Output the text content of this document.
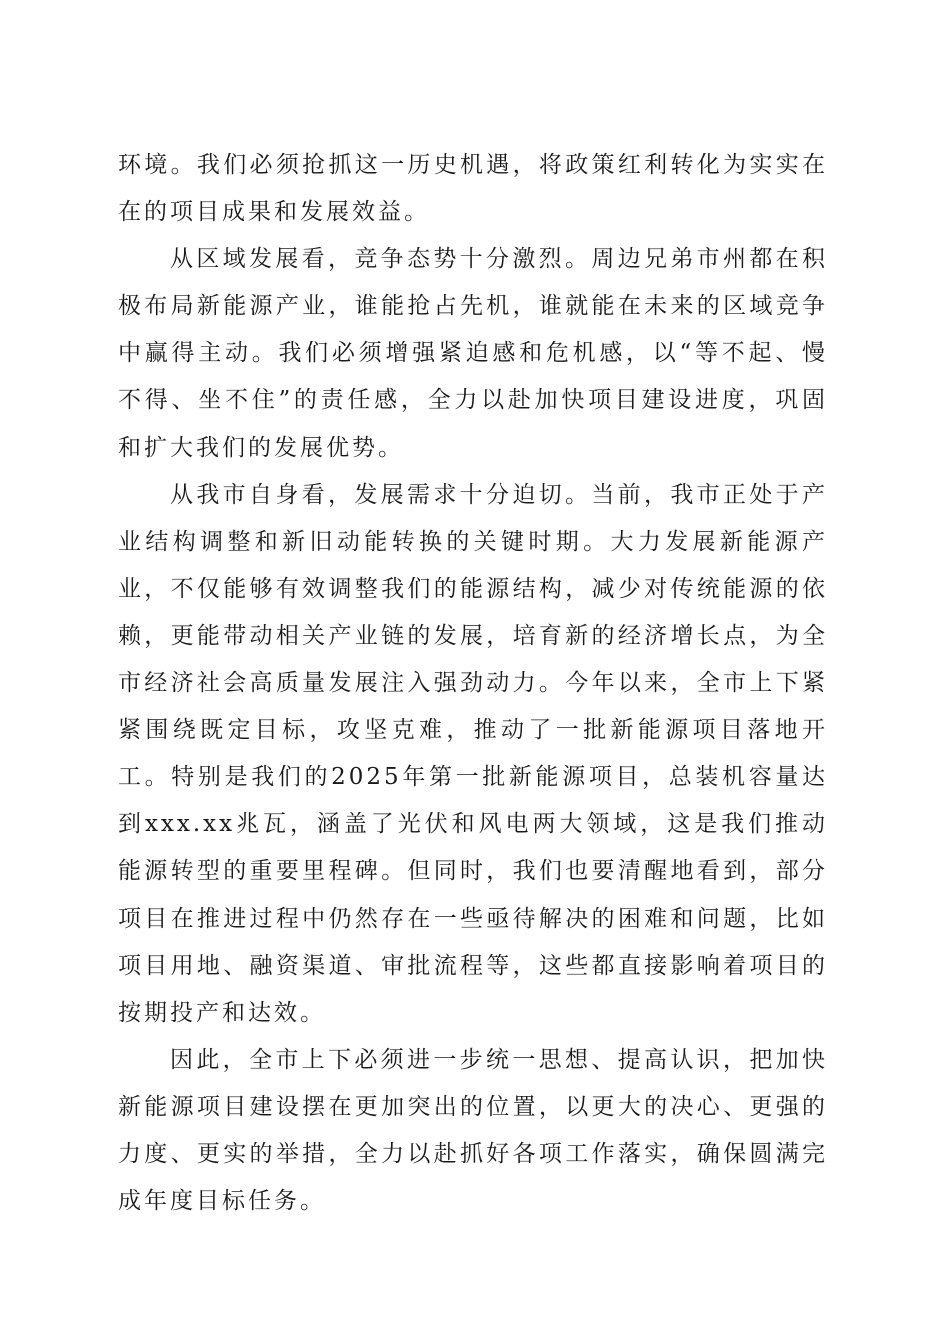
环境。我们必须抢抓这一历史机遇，将政策红利转化为实实在在的项目成果和发展效益。

从区域发展看，竞争态势十分激烈。周边兄弟市州都在积极布局新能源产业，谁能抢占先机，谁就能在未来的区域竞争中赢得主动。我们必须增强紧迫感和危机感，以“等不起、慢不得、坐不住”的责任感，全力以赴加快项目建设进度，巩固和扩大我们的发展优势。

从我市自身看，发展需求十分迫切。当前，我市正处于产业结构调整和新旧动能转换的关键时期。大力发展新能源产业，不仅能够有效调整我们的能源结构，减少对传统能源的依赖，更能带动相关产业链的发展，培育新的经济增长点，为全市经济社会高质量发展注入强劲动力。今年以来，全市上下紧紧围绕既定目标，攻坚克难，推动了一批新能源项目落地开工。特别是我们的2025年第一批新能源项目，总装机容量达到xxx.xx兆瓦，涵盖了光伏和风电两大领域，这是我们推动能源转型的重要里程碑。但同时，我们也要清醒地看到，部分项目在推进过程中仍然存在一些亟待解决的困难和问题，比如项目用地、融资渠道、审批流程等，这些都直接影响着项目的按期投产和达效。

因此，全市上下必须进一步统一思想、提高认识，把加快新能源项目建设摆在更加突出的位置，以更大的决心、更强的力度、更实的举措，全力以赴抓好各项工作落实，确保圆满完成年度目标任务。
